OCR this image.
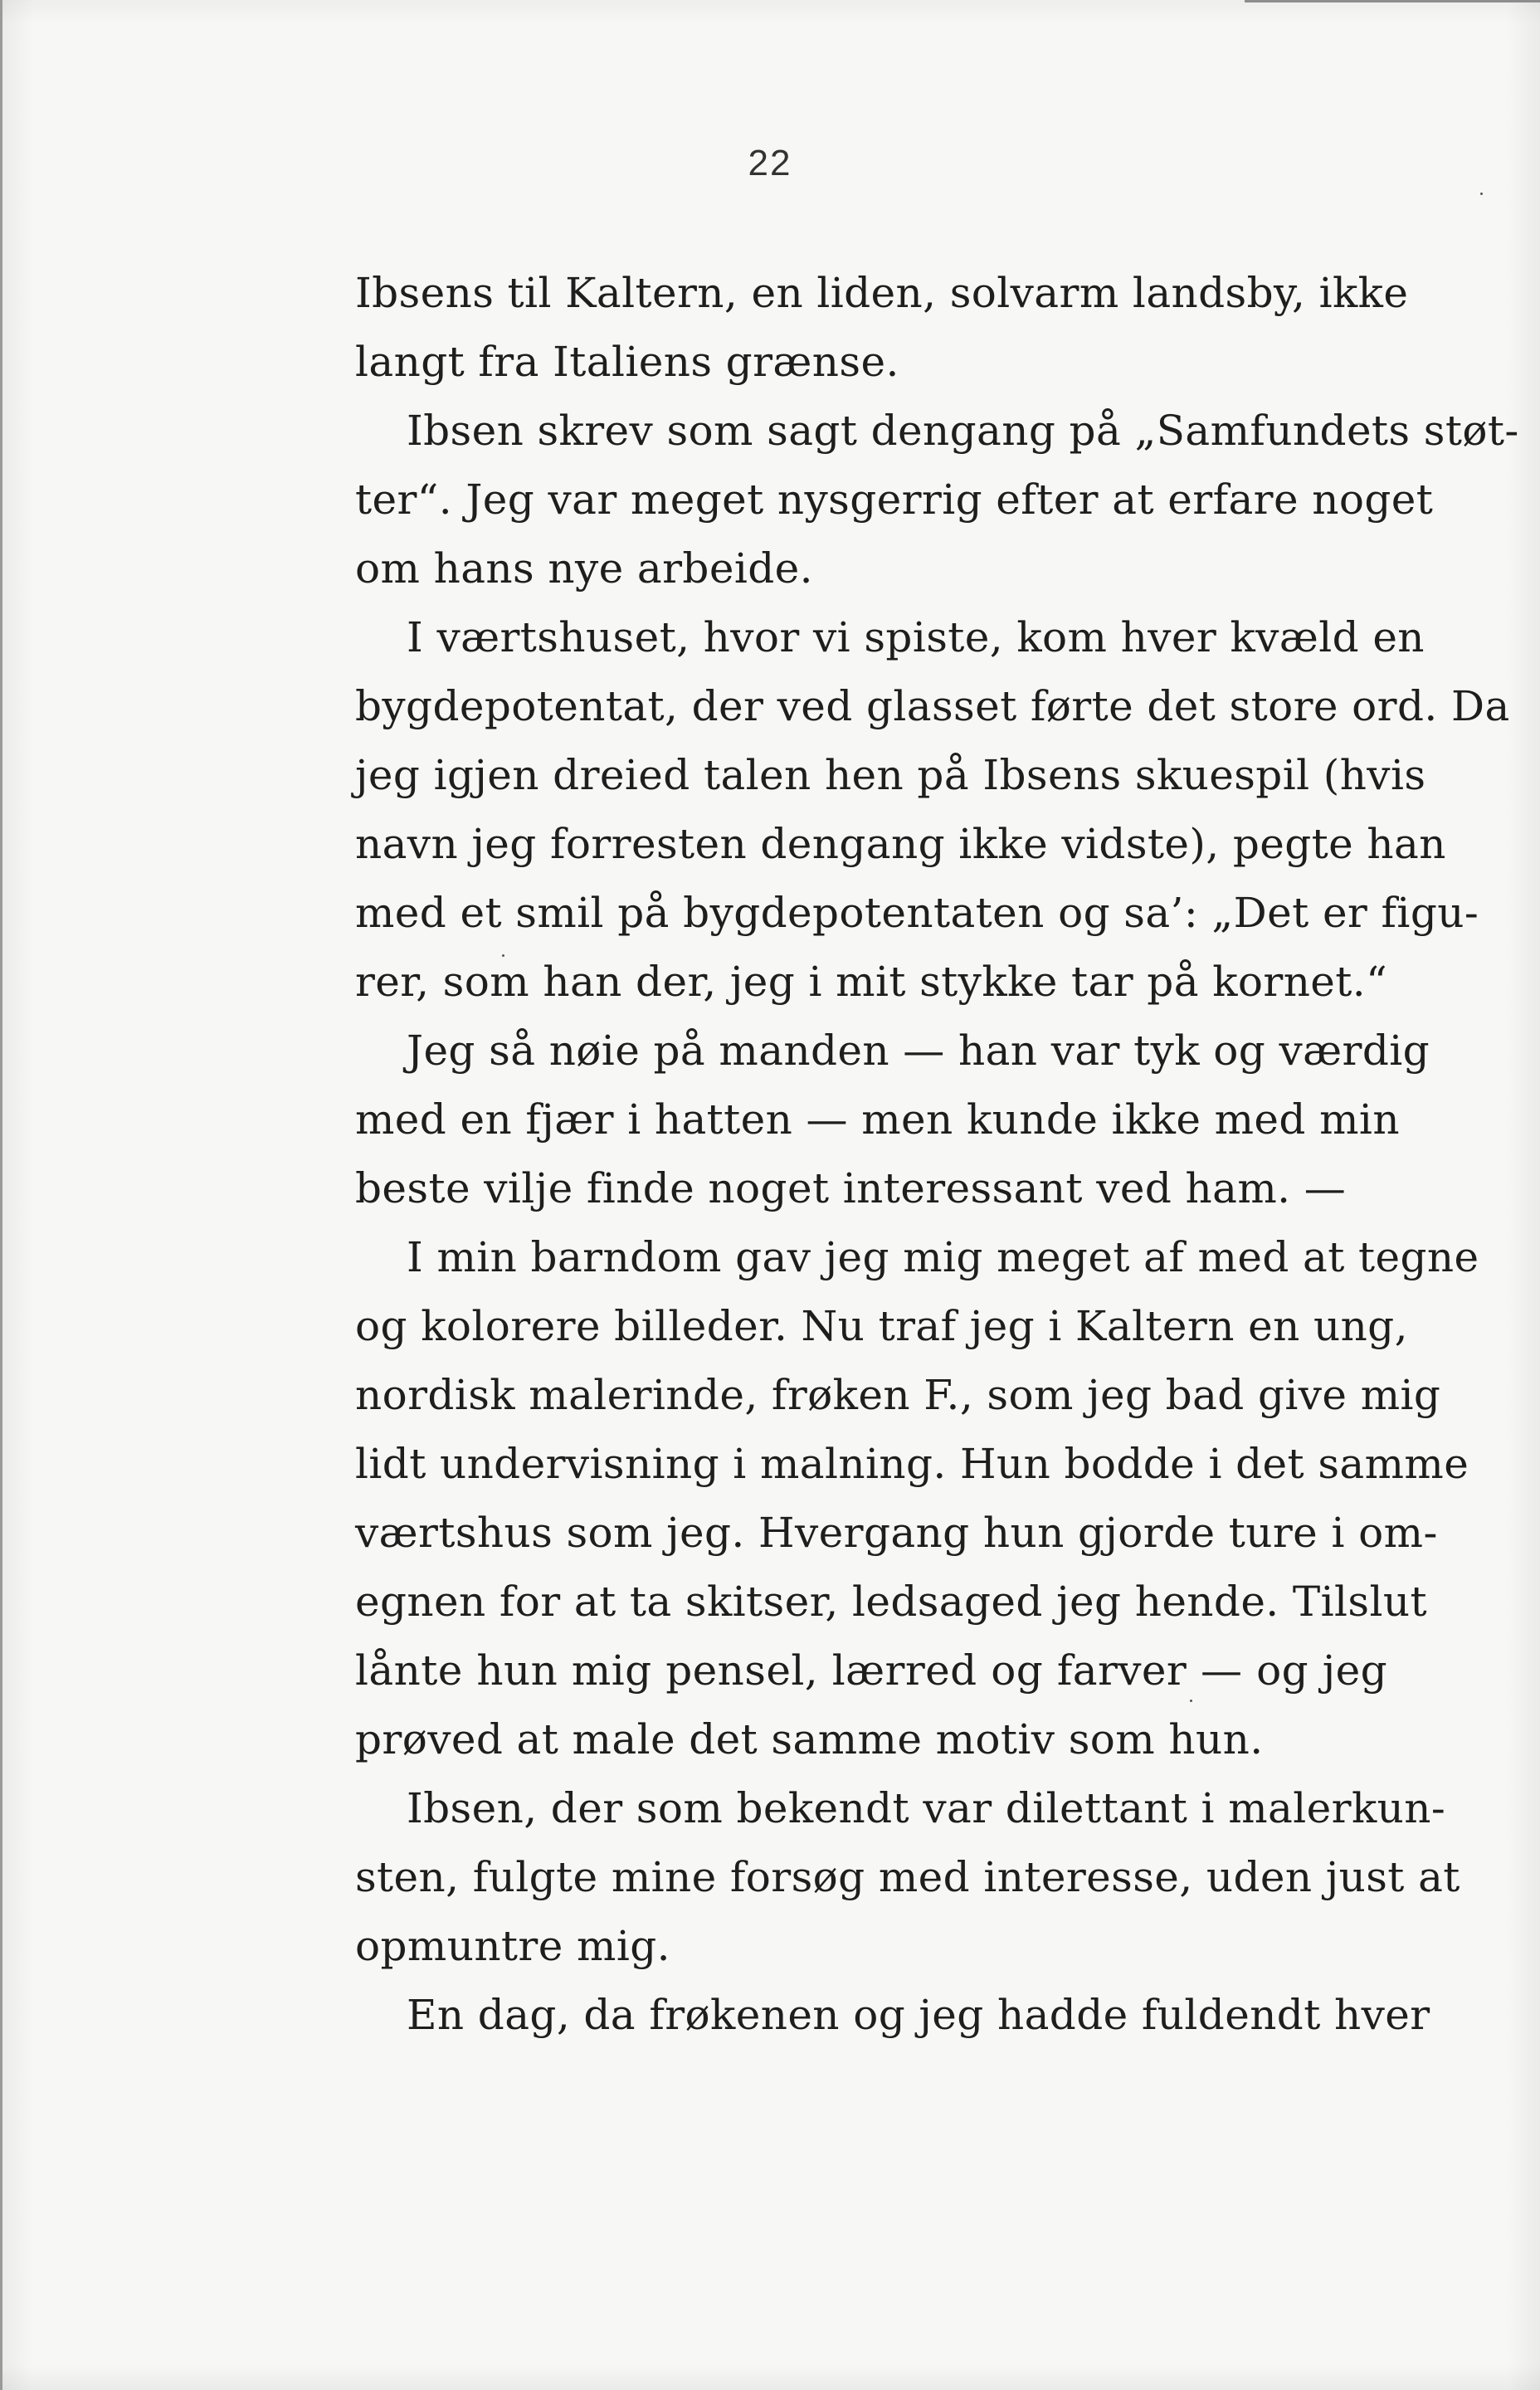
22
Ibsens til Kaltern, en liden, solvarm landsby, ikke
langt fra Italiens grænse.
Ibsen skrev som sagt dengang på „Samfundets støt-
ter“. Jeg var meget nysgerrig efter at erfare noget
om hans nye arbeide.
I værtshuset, hvor vi spiste, kom hver kvæld en
bygdepotentat, der ved glasset førte det store ord. Da
jeg igjen dreied talen hen på Ibsens skuespil (hvis
navn jeg forresten dengang ikke vidste), pegte han
med et smil på bygdepotentaten og sa’: „Det er figu-
rer, som han der, jeg i mit stykke tar på kornet.“
Jeg så nøie på manden — han var tyk og værdig
med en fjær i hatten — men kunde ikke med min
beste vilje finde noget interessant ved ham. —
I min barndom gav jeg mig meget af med at tegne
og kolorere billeder. Nu traf jeg i Kaltern en ung,
nordisk malerinde, frøken F., som jeg bad give mig
lidt undervisning i malning. Hun bodde i det samme
værtshus som jeg. Hvergang hun gjorde ture i om-
egnen for at ta skitser, ledsaged jeg hende. Tilslut
lånte hun mig pensel, lærred og farver — og jeg
prøved at male det samme motiv som hun.
Ibsen, der som bekendt var dilettant i malerkun-
sten, fulgte mine forsøg med interesse, uden just at
opmuntre mig.
En dag, da frøkenen og jeg hadde fuldendt hver
